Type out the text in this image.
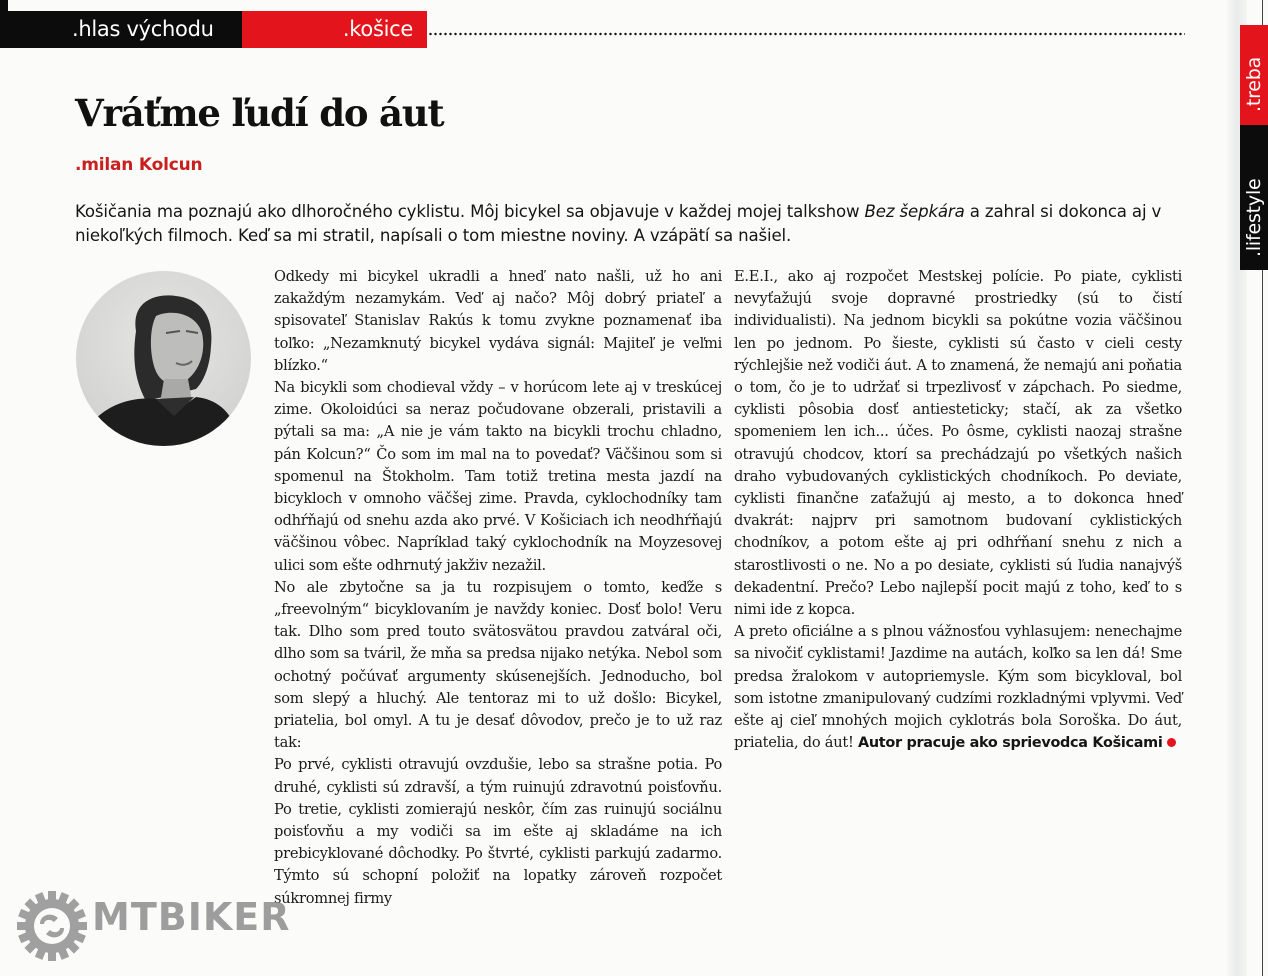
.hlas východu	.košice
.treba
.lifestyle
Vráťme ľudí do áut
.milan Kolcun

Košičania ma poznajú ako dlhoročného cyklistu. Môj bicykel sa objavuje v každej mojej talkshow Bez šepkára a zahral si dokonca aj v niekoľkých filmoch. Keď sa mi stratil, napísali o tom miestne noviny. A vzápätí sa našiel.

Odkedy mi bicykel ukradli a hneď nato našli, už ho ani zakaždým nezamykám. Veď aj načo? Môj dobrý priateľ a spisovateľ Stanislav Rakús k tomu zvykne poznamenať iba toľko: „Nezamknutý bicykel vydáva signál: Majiteľ je veľmi blízko.“

Na bicykli som chodieval vždy – v horúcom lete aj v treskúcej zime. Okoloidúci sa neraz počudovane obzerali, pristavili a pýtali sa ma: „A nie je vám takto na bicykli trochu chladno, pán Kolcun?“ Čo som im mal na to povedať? Väčšinou som si spomenul na Štokholm. Tam totiž tretina mesta jazdí na bicykloch v omnoho väčšej zime. Pravda, cyklochodníky tam odhŕňajú od snehu azda ako prvé. V Košiciach ich neodhŕňajú väčšinou vôbec. Napríklad taký cyklochodník na Moyzesovej ulici som ešte odhrnutý jakživ nezažil.

No ale zbytočne sa ja tu rozpisujem o tomto, keďže s „freevolným“ bicyklovaním je navždy koniec. Dosť bolo! Veru tak. Dlho som pred touto svätosvätou pravdou zatváral oči, dlho som sa tváril, že mňa sa predsa nijako netýka. Nebol som ochotný počúvať argumenty skúsenejších. Jednoducho, bol som slepý a hluchý. Ale tentoraz mi to už došlo: Bicykel, priatelia, bol omyl. A tu je desať dôvodov, prečo je to už raz tak:

Po prvé, cyklisti otravujú ovzdušie, lebo sa strašne potia. Po druhé, cyklisti sú zdravší, a tým ruinujú zdravotnú poisťovňu. Po tretie, cyklisti zomierajú neskôr, čím zas ruinujú sociálnu poisťovňu a my vodiči sa im ešte aj skladáme na ich prebicyklované dôchodky. Po štvrté, cyklisti parkujú zadarmo. Týmto sú schopní položiť na lopatky zároveň rozpočet súkromnej firmy

E.E.I., ako aj rozpočet Mestskej polície. Po piate, cyklisti nevyťažujú svoje dopravné prostriedky (sú to čistí individualisti). Na jednom bicykli sa pokútne vozia väčšinou len po jednom. Po šieste, cyklisti sú často v cieli cesty rýchlejšie než vodiči áut. A to znamená, že nemajú ani poňatia o tom, čo je to udržať si trpezlivosť v zápchach. Po siedme, cyklisti pôsobia dosť antiesteticky; stačí, ak za všetko spomeniem len ich... účes. Po ôsme, cyklisti naozaj strašne otravujú chodcov, ktorí sa prechádzajú po všetkých našich draho vybudovaných cyklistických chodníkoch. Po deviate, cyklisti finančne zaťažujú aj mesto, a to dokonca hneď dvakrát: najprv pri samotnom budovaní cyklistických chodníkov, a potom ešte aj pri odhŕňaní snehu z nich a starostlivosti o ne. No a po desiate, cyklisti sú ľudia nanajvýš dekadentní. Prečo? Lebo najlepší pocit majú z toho, keď to s nimi ide z kopca.

A preto oficiálne a s plnou vážnosťou vyhlasujem: nenechajme sa nivočiť cyklistami! Jazdime na autách, koľko sa len dá! Sme predsa žralokom v autopriemysle. Kým som bicykloval, bol som istotne zmanipulovaný cudzími rozkladnými vplyvmi. Veď ešte aj cieľ mnohých mojich cyklotrás bola Soroška. Do áut, priatelia, do áut! Autor pracuje ako sprievodca Košicami

MTBIKER
